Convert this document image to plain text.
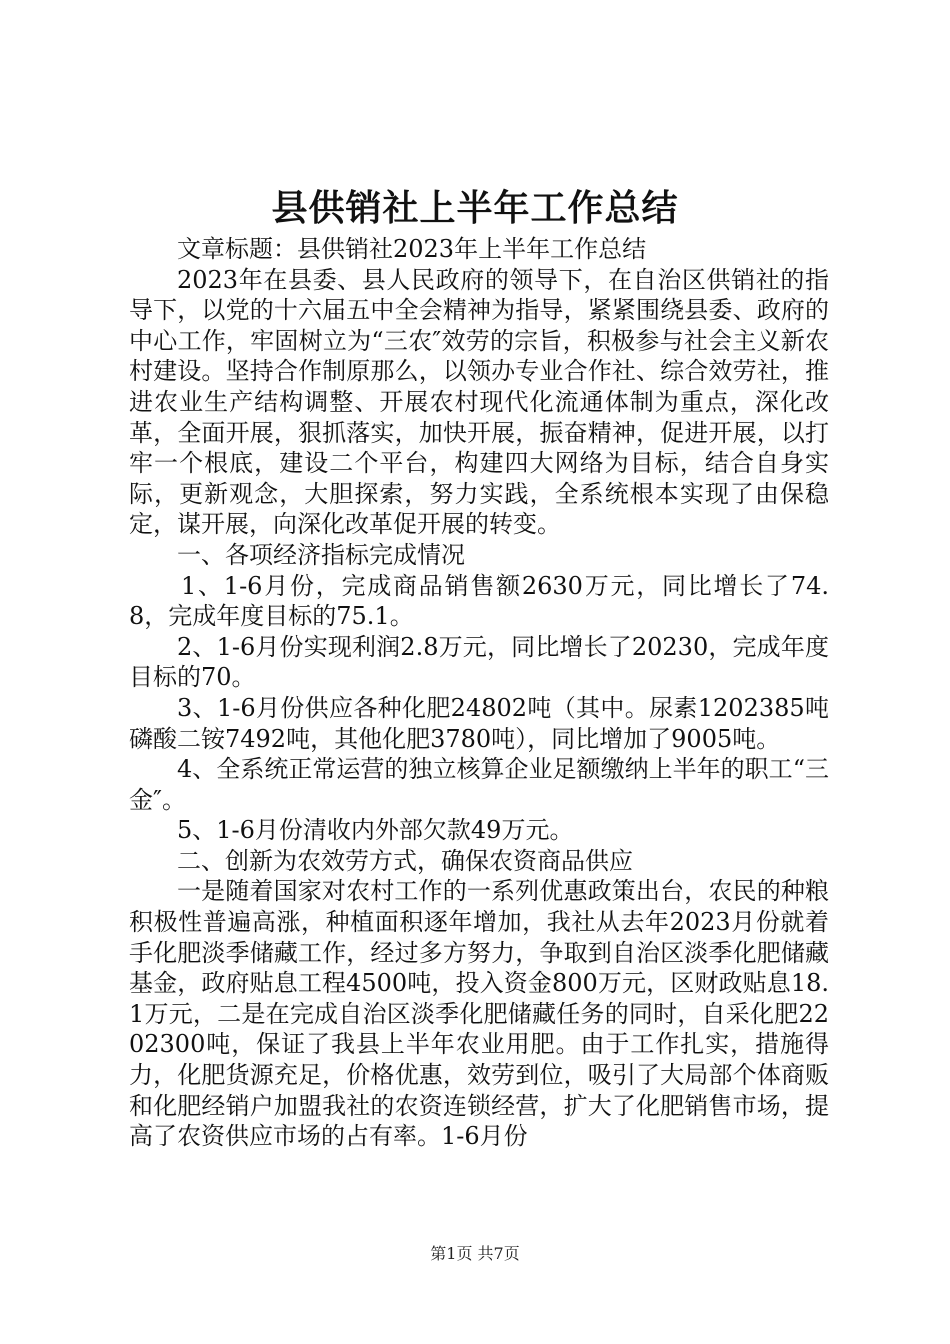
县供销社上半年工作总结

文章标题：县供销社2023年上半年工作总结

2023年在县委、县人民政府的领导下，在自治区供销社的指导下，以党的十六届五中全会精神为指导，紧紧围绕县委、政府的中心工作，牢固树立为“三农″效劳的宗旨，积极参与社会主义新农村建设。坚持合作制原那么，以领办专业合作社、综合效劳社，推进农业生产结构调整、开展农村现代化流通体制为重点，深化改革，全面开展，狠抓落实，加快开展，振奋精神，促进开展，以打牢一个根底，建设二个平台，构建四大网络为目标，结合自身实际，更新观念，大胆探索，努力实践，全系统根本实现了由保稳定，谋开展，向深化改革促开展的转变。

一、各项经济指标完成情况

1、1-6月份，完成商品销售额2630万元，同比增长了74.8，完成年度目标的75.1。

2、1-6月份实现利润2.8万元，同比增长了20230，完成年度目标的70。

3、1-6月份供应各种化肥24802吨（其中。尿素1202385吨磷酸二铵7492吨，其他化肥3780吨），同比增加了9005吨。

4、全系统正常运营的独立核算企业足额缴纳上半年的职工“三金″。

5、1-6月份清收内外部欠款49万元。

二、创新为农效劳方式，确保农资商品供应

一是随着国家对农村工作的一系列优惠政策出台，农民的种粮积极性普遍高涨，种植面积逐年增加，我社从去年2023月份就着手化肥淡季储藏工作，经过多方努力，争取到自治区淡季化肥储藏基金，政府贴息工程4500吨，投入资金800万元，区财政贴息18.1万元，二是在完成自治区淡季化肥储藏任务的同时，自采化肥2202300吨，保证了我县上半年农业用肥。由于工作扎实，措施得力，化肥货源充足，价格优惠，效劳到位，吸引了大局部个体商贩和化肥经销户加盟我社的农资连锁经营，扩大了化肥销售市场，提高了农资供应市场的占有率。1-6月份

第1页 共7页
